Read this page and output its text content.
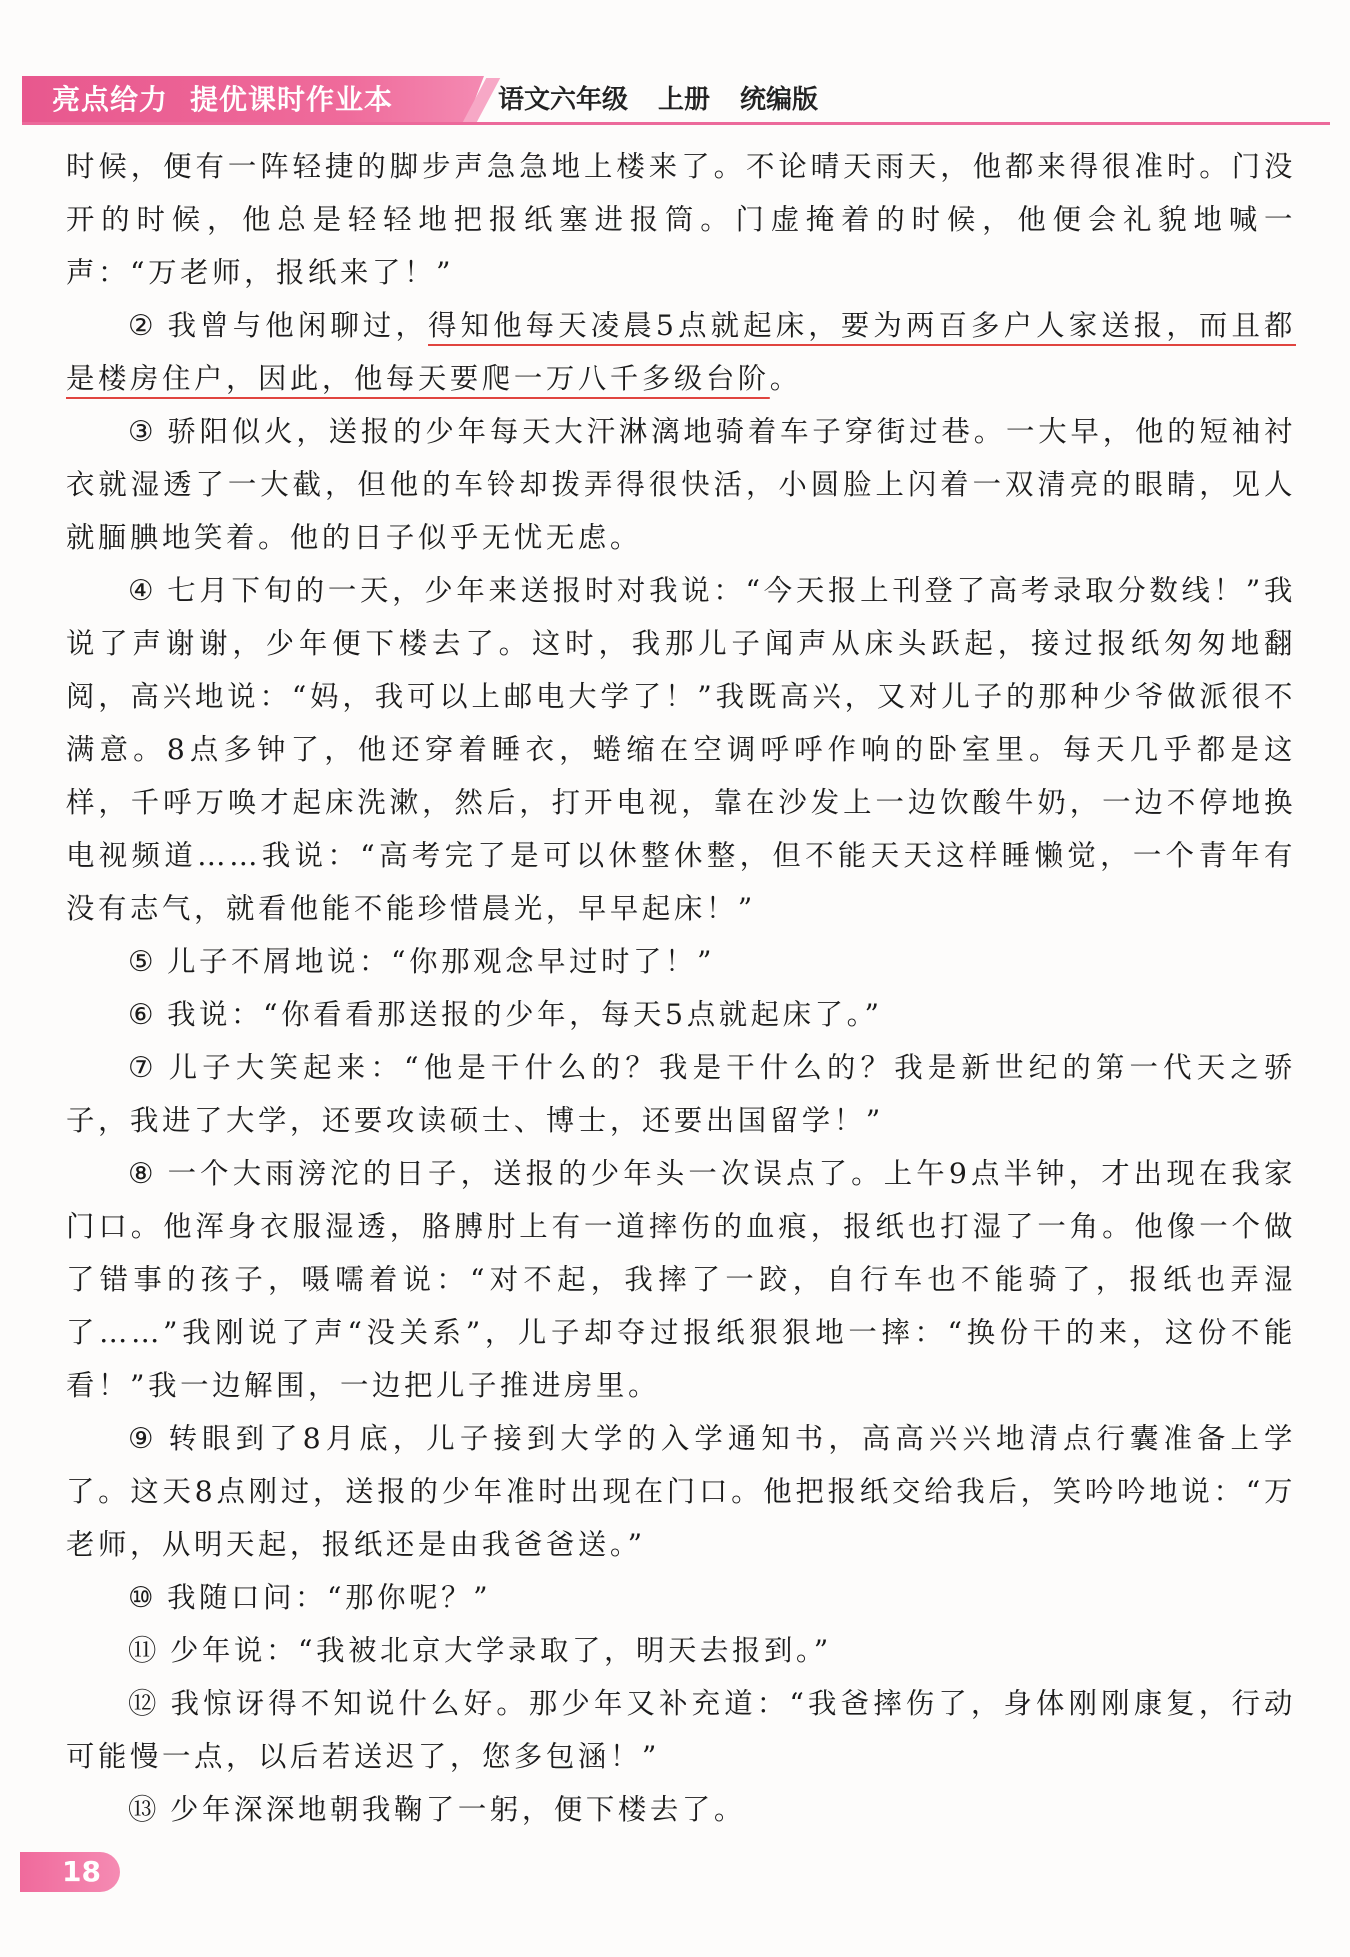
亮点给力 提优课时作业本	语文六年级 上册 统编版

时候，便有一阵轻捷的脚步声急急地上楼来了。不论晴天雨天，他都来得很准时。门没开的时候，他总是轻轻地把报纸塞进报筒。门虚掩着的时候，他便会礼貌地喊一声：“万老师，报纸来了！”

② 我曾与他闲聊过，得知他每天凌晨5点就起床，要为两百多户人家送报，而且都是楼房住户，因此，他每天要爬一万八千多级台阶。

③ 骄阳似火，送报的少年每天大汗淋漓地骑着车子穿街过巷。一大早，他的短袖衬衣就湿透了一大截，但他的车铃却拨弄得很快活，小圆脸上闪着一双清亮的眼睛，见人就腼腆地笑着。他的日子似乎无忧无虑。

④ 七月下旬的一天，少年来送报时对我说：“今天报上刊登了高考录取分数线！”我说了声谢谢，少年便下楼去了。这时，我那儿子闻声从床头跃起，接过报纸匆匆地翻阅，高兴地说：“妈，我可以上邮电大学了！”我既高兴，又对儿子的那种少爷做派很不满意。8点多钟了，他还穿着睡衣，蜷缩在空调呼呼作响的卧室里。每天几乎都是这样，千呼万唤才起床洗漱，然后，打开电视，靠在沙发上一边饮酸牛奶，一边不停地换电视频道……我说：“高考完了是可以休整休整，但不能天天这样睡懒觉，一个青年有没有志气，就看他能不能珍惜晨光，早早起床！”

⑤ 儿子不屑地说：“你那观念早过时了！”

⑥ 我说：“你看看那送报的少年，每天5点就起床了。”

⑦ 儿子大笑起来：“他是干什么的？我是干什么的？我是新世纪的第一代天之骄子，我进了大学，还要攻读硕士、博士，还要出国留学！”

⑧ 一个大雨滂沱的日子，送报的少年头一次误点了。上午9点半钟，才出现在我家门口。他浑身衣服湿透，胳膊肘上有一道摔伤的血痕，报纸也打湿了一角。他像一个做了错事的孩子，嗫嚅着说：“对不起，我摔了一跤，自行车也不能骑了，报纸也弄湿了……”我刚说了声“没关系”，儿子却夺过报纸狠狠地一摔：“换份干的来，这份不能看！”我一边解围，一边把儿子推进房里。

⑨ 转眼到了8月底，儿子接到大学的入学通知书，高高兴兴地清点行囊准备上学了。这天8点刚过，送报的少年准时出现在门口。他把报纸交给我后，笑吟吟地说：“万老师，从明天起，报纸还是由我爸爸送。”

⑩ 我随口问：“那你呢？”

⑪ 少年说：“我被北京大学录取了，明天去报到。”

⑫ 我惊讶得不知说什么好。那少年又补充道：“我爸摔伤了，身体刚刚康复，行动可能慢一点，以后若送迟了，您多包涵！”

⑬ 少年深深地朝我鞠了一躬，便下楼去了。

18
